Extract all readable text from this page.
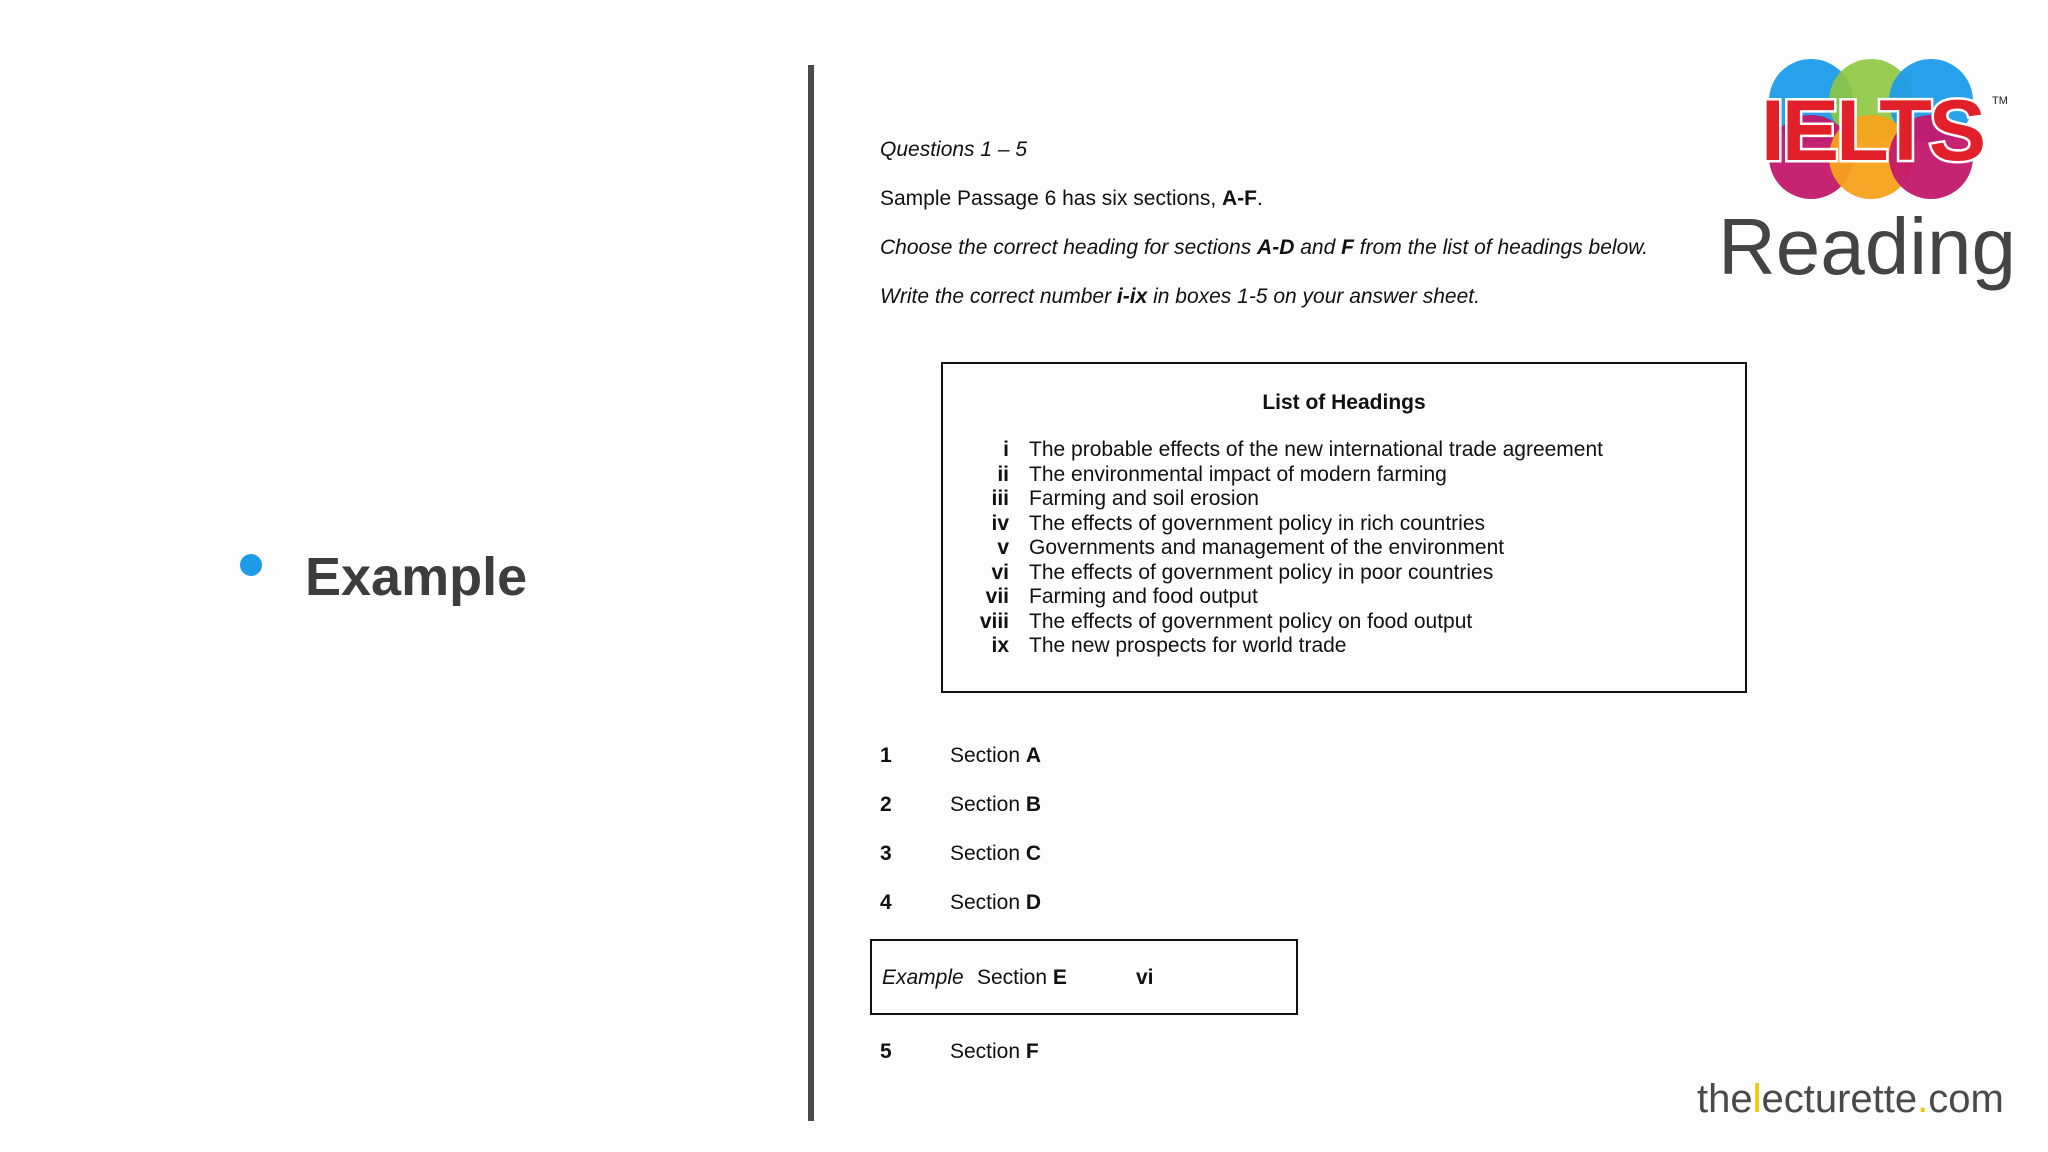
Example
Questions 1 – 5
Sample Passage 6 has six sections, A-F.
Choose the correct heading for sections A-D and F from the list of headings below.
Write the correct number i-ix in boxes 1-5 on your answer sheet.
List of Headings
i The probable effects of the new international trade agreement
ii The environmental impact of modern farming
iii Farming and soil erosion
iv The effects of government policy in rich countries
v Governments and management of the environment
vi The effects of government policy in poor countries
vii Farming and food output
viii The effects of government policy on food output
ix The new prospects for world trade
1	Section A
2	Section B
3	Section C
4	Section D
Example Section E	vi
5	Section F
IELTS TM
Reading
thelecturette.com
